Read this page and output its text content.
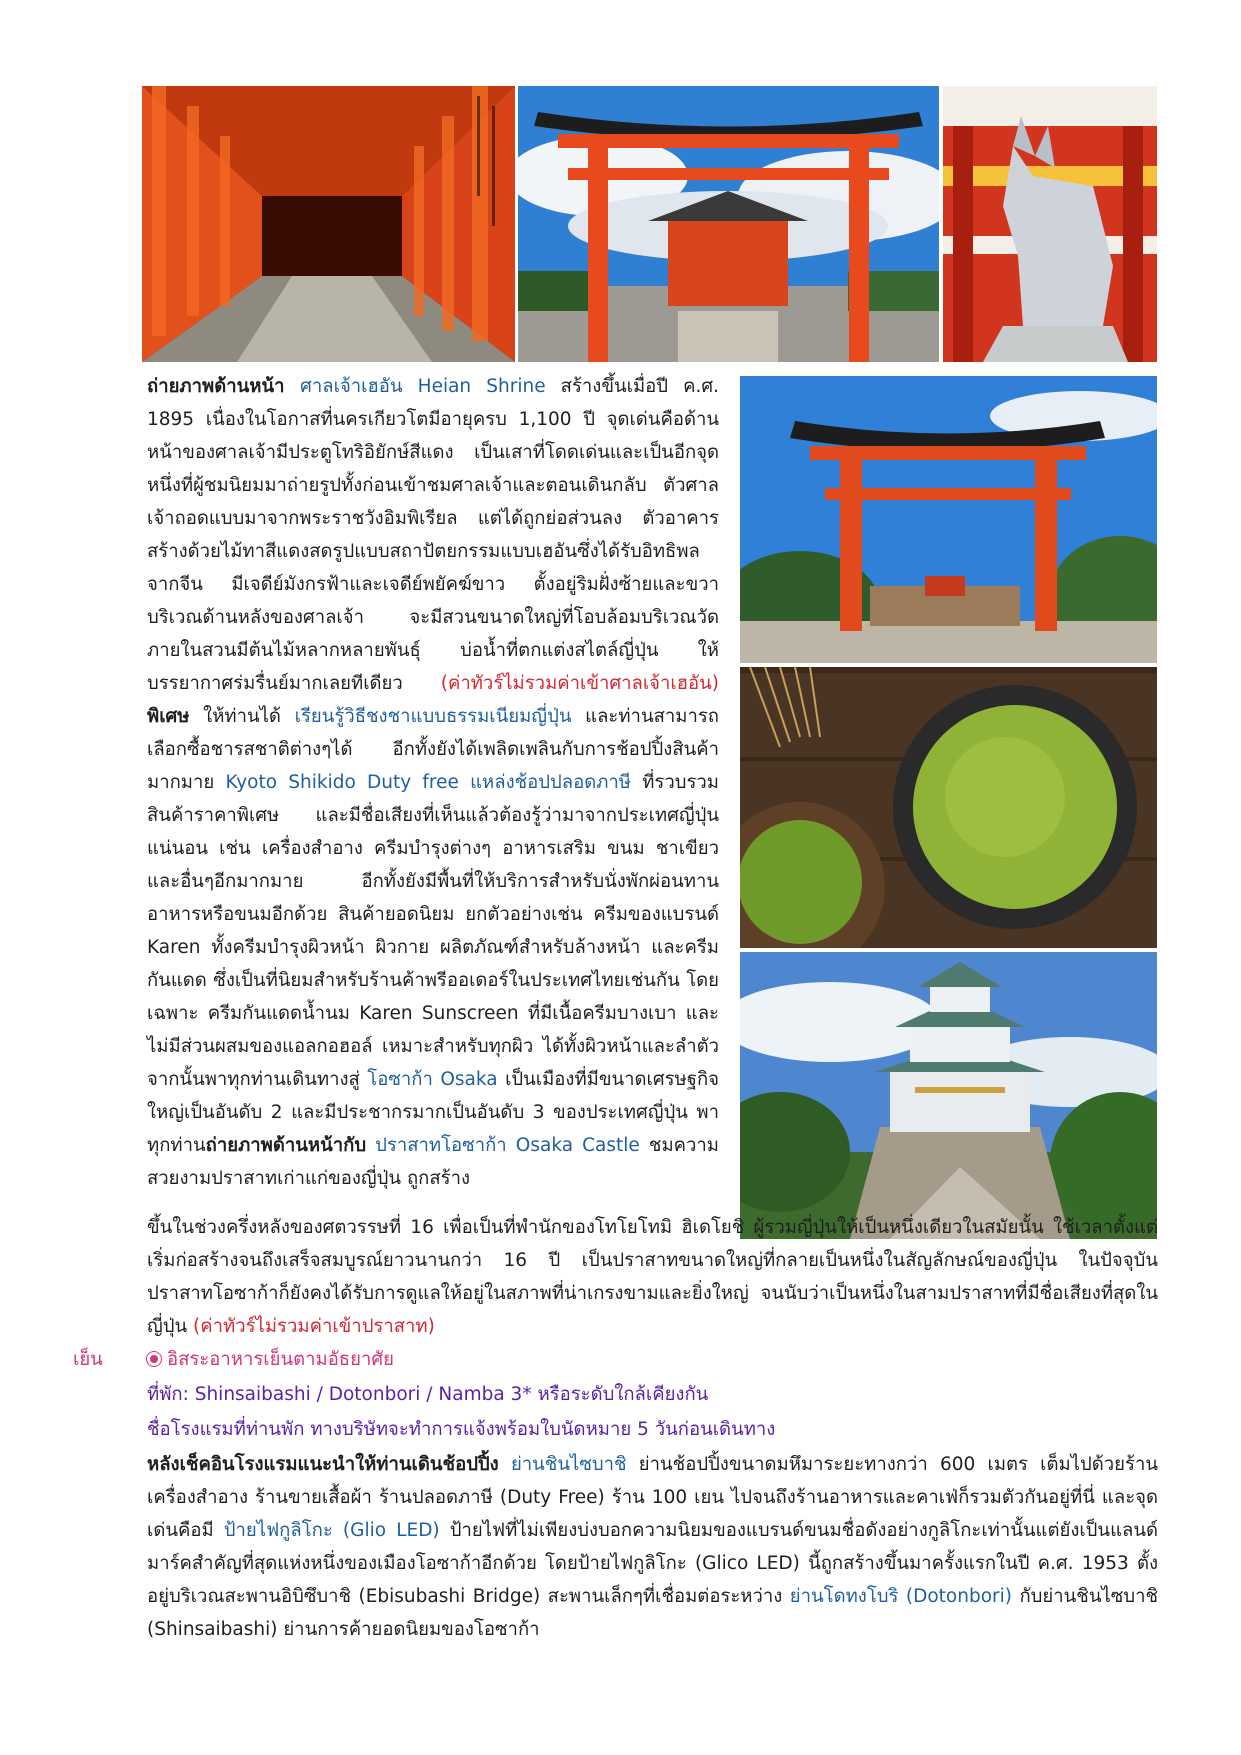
ถ่ายภาพด้านหน้า ศาลเจ้าเฮอัน Heian Shrine สร้างขึ้นเมื่อปี ค.ศ. 1895 เนื่องในโอกาสที่นครเกียวโตมีอายุครบ 1,100 ปี จุดเด่นคือด้านหน้าของศาลเจ้ามีประตูโทริอิยักษ์สีแดง เป็นเสาที่โดดเด่นและเป็นอีกจุดหนึ่งที่ผู้ชมนิยมมาถ่ายรูปทั้งก่อนเข้าชมศาลเจ้าและตอนเดินกลับ ตัวศาลเจ้าถอดแบบมาจากพระราชวังอิมพิเรียล แต่ได้ถูกย่อส่วนลง ตัวอาคารสร้างด้วยไม้ทาสีแดงสดรูปแบบสถาปัตยกรรมแบบเฮอันซึ่งได้รับอิทธิพลจากจีน มีเจดีย์มังกรฟ้าและเจดีย์พยัคฆ์ขาว ตั้งอยู่ริมฝั่งซ้ายและขวา บริเวณด้านหลังของศาลเจ้า จะมีสวนขนาดใหญ่ที่โอบล้อมบริเวณวัด ภายในสวนมีต้นไม้หลากหลายพันธุ์ บ่อน้ำที่ตกแต่งสไตล์ญี่ปุ่น ให้บรรยากาศร่มรื่นย์มากเลยทีเดียว (ค่าทัวร์ไม่รวมค่าเข้าศาลเจ้าเฮอัน) พิเศษ ให้ท่านได้ เรียนรู้วิธีชงชาแบบธรรมเนียมญี่ปุ่น และท่านสามารถเลือกซื้อชารสชาติต่างๆได้ อีกทั้งยังได้เพลิดเพลินกับการช้อปปิ้งสินค้ามากมาย Kyoto Shikido Duty free แหล่งช้อปปลอดภาษี ที่รวบรวมสินค้าราคาพิเศษ และมีชื่อเสียงที่เห็นแล้วต้องรู้ว่ามาจากประเทศญี่ปุ่นแน่นอน เช่น เครื่องสำอาง ครีมบำรุงต่างๆ อาหารเสริม ขนม ชาเขียว และอื่นๆอีกมากมาย อีกทั้งยังมีพื้นที่ให้บริการสำหรับนั่งพักผ่อนทานอาหารหรือขนมอีกด้วย สินค้ายอดนิยม ยกตัวอย่างเช่น ครีมของแบรนด์ Karen ทั้งครีมบำรุงผิวหน้า ผิวกาย ผลิตภัณฑ์สำหรับล้างหน้า และครีมกันแดด ซึ่งเป็นที่นิยมสำหรับร้านค้าพรีออเดอร์ในประเทศไทยเช่นกัน โดยเฉพาะ ครีมกันแดดน้ำนม Karen Sunscreen ที่มีเนื้อครีมบางเบา และ ไม่มีส่วนผสมของแอลกอฮอล์ เหมาะสำหรับทุกผิว ได้ทั้งผิวหน้าและลำตัว จากนั้นพาทุกท่านเดินทางสู่ โอซาก้า Osaka เป็นเมืองที่มีขนาดเศรษฐกิจใหญ่เป็นอันดับ 2 และมีประชากรมากเป็นอันดับ 3 ของประเทศญี่ปุ่น พาทุกท่านถ่ายภาพด้านหน้ากับ ปราสาทโอซาก้า Osaka Castle ชมความสวยงามปราสาทเก่าแก่ของญี่ปุ่น ถูกสร้าง
ขึ้นในช่วงครึ่งหลังของศตวรรษที่ 16 เพื่อเป็นที่พำนักของโทโยโทมิ ฮิเดโยชิ ผู้รวมญี่ปุ่นให้เป็นหนึ่งเดียวในสมัยนั้น ใช้เวลาตั้งแต่เริ่มก่อสร้างจนถึงเสร็จสมบูรณ์ยาวนานกว่า 16 ปี เป็นปราสาทขนาดใหญ่ที่กลายเป็นหนึ่งในสัญลักษณ์ของญี่ปุ่น ในปัจจุบันปราสาทโอซาก้าก็ยังคงได้รับการดูแลให้อยู่ในสภาพที่น่าเกรงขามและยิ่งใหญ่ จนนับว่าเป็นหนึ่งในสามปราสาทที่มีชื่อเสียงที่สุดในญี่ปุ่น (ค่าทัวร์ไม่รวมค่าเข้าปราสาท)
เย็น	อิสระอาหารเย็นตามอัธยาศัย
ที่พัก: Shinsaibashi / Dotonbori / Namba 3* หรือระดับใกล้เคียงกัน
ชื่อโรงแรมที่ท่านพัก ทางบริษัทจะทำการแจ้งพร้อมใบนัดหมาย 5 วันก่อนเดินทาง
หลังเช็คอินโรงแรมแนะนำให้ท่านเดินช้อปปิ้ง ย่านชินไซบาชิ ย่านช้อปปิ้งขนาดมหึมาระยะทางกว่า 600 เมตร เต็มไปด้วยร้านเครื่องสำอาง ร้านขายเสื้อผ้า ร้านปลอดภาษี (Duty Free) ร้าน 100 เยน ไปจนถึงร้านอาหารและคาเฟ่ก็รวมตัวกันอยู่ที่นี่ และจุดเด่นคือมี ป้ายไฟกูลิโกะ (Glio LED) ป้ายไฟที่ไม่เพียงบ่งบอกความนิยมของแบรนด์ขนมชื่อดังอย่างกูลิโกะเท่านั้นแต่ยังเป็นแลนด์มาร์คสำคัญที่สุดแห่งหนึ่งของเมืองโอซาก้าอีกด้วย โดยป้ายไฟกูลิโกะ (Glico LED) นี้ถูกสร้างขึ้นมาครั้งแรกในปี ค.ศ. 1953 ตั้งอยู่บริเวณสะพานอิบิซึบาชิ (Ebisubashi Bridge) สะพานเล็กๆที่เชื่อมต่อระหว่าง ย่านโดทงโบริ (Dotonbori) กับย่านชินไซบาชิ (Shinsaibashi) ย่านการค้ายอดนิยมของโอซาก้า
